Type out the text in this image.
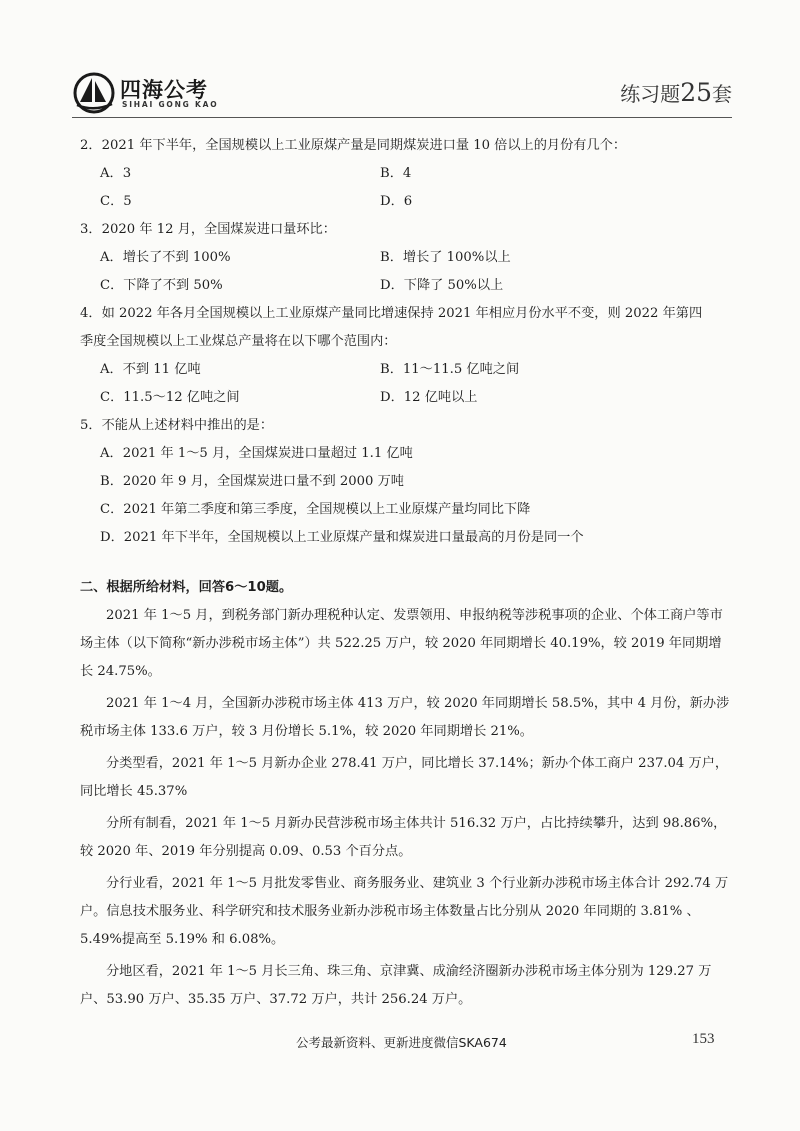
四海公考
SIHAI GONG KAO	练习题25套

2．2021 年下半年，全国规模以上工业原煤产量是同期煤炭进口量 10 倍以上的月份有几个：

A．3	B．4
C．5	D．6

3．2020 年 12 月，全国煤炭进口量环比：

A．增长了不到 100%	B．增长了 100%以上
C．下降了不到 50%	D．下降了 50%以上

4．如 2022 年各月全国规模以上工业原煤产量同比增速保持 2021 年相应月份水平不变，则 2022 年第四

季度全国规模以上工业煤总产量将在以下哪个范围内：

A．不到 11 亿吨	B．11～11.5 亿吨之间
C．11.5～12 亿吨之间	D．12 亿吨以上

5．不能从上述材料中推出的是：

A．2021 年 1～5 月，全国煤炭进口量超过 1.1 亿吨
B．2020 年 9 月，全国煤炭进口量不到 2000 万吨
C．2021 年第二季度和第三季度，全国规模以上工业原煤产量均同比下降
D．2021 年下半年，全国规模以上工业原煤产量和煤炭进口量最高的月份是同一个
二、根据所给材料，回答6～10题。

2021 年 1～5 月，到税务部门新办理税种认定、发票领用、申报纳税等涉税事项的企业、个体工商户等市场主体（以下简称“新办涉税市场主体”）共 522.25 万户，较 2020 年同期增长 40.19%，较 2019 年同期增长 24.75%。

2021 年 1～4 月，全国新办涉税市场主体 413 万户，较 2020 年同期增长 58.5%，其中 4 月份，新办涉税市场主体 133.6 万户，较 3 月份增长 5.1%，较 2020 年同期增长 21%。

分类型看，2021 年 1～5 月新办企业 278.41 万户，同比增长 37.14%；新办个体工商户 237.04 万户，同比增长 45.37%

分所有制看，2021 年 1～5 月新办民营涉税市场主体共计 516.32 万户，占比持续攀升，达到 98.86%，较 2020 年、2019 年分别提高 0.09、0.53 个百分点。

分行业看，2021 年 1～5 月批发零售业、商务服务业、建筑业 3 个行业新办涉税市场主体合计 292.74 万户。信息技术服务业、科学研究和技术服务业新办涉税市场主体数量占比分别从 2020 年同期的 3.81% 、5.49%提高至 5.19% 和 6.08%。

分地区看，2021 年 1～5 月长三角、珠三角、京津冀、成渝经济圈新办涉税市场主体分别为 129.27 万户、53.90 万户、35.35 万户、37.72 万户，共计 256.24 万户。

公考最新资料、更新进度微信SKA674	153
